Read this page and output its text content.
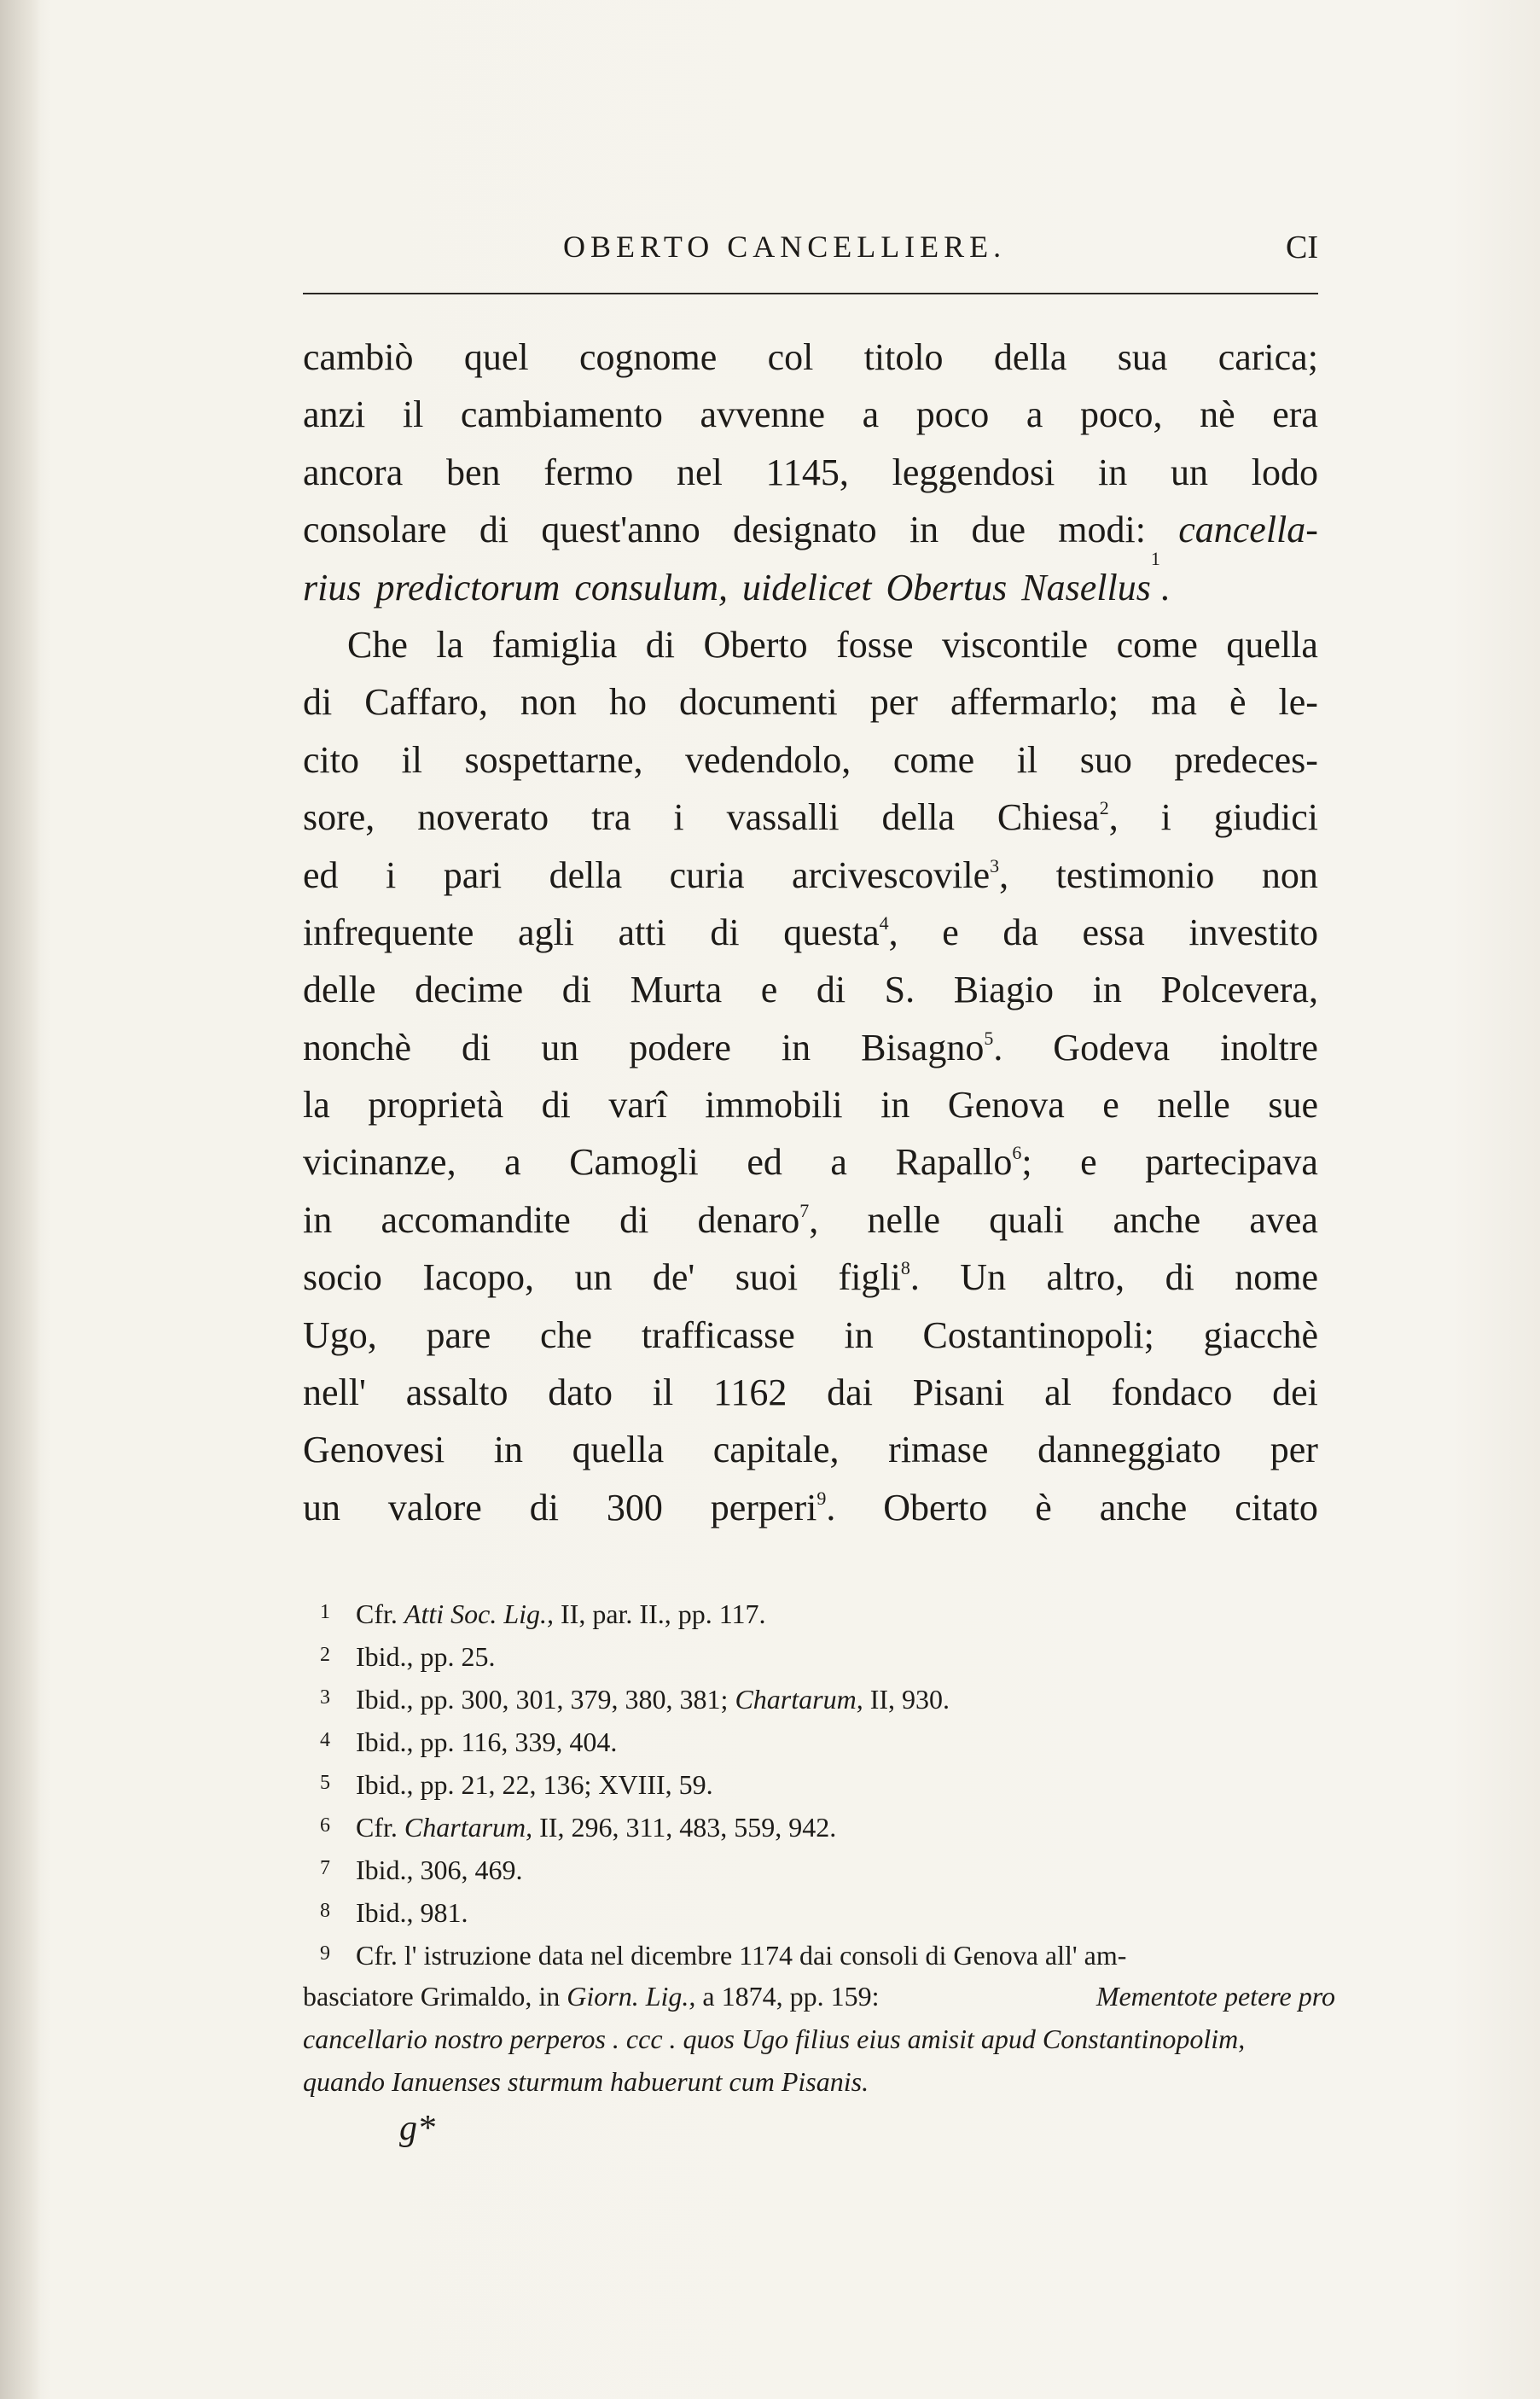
OBERTO CANCELLIERE.	CI
cambiò quel cognome col titolo della sua carica;
anzi il cambiamento avvenne a poco a poco, nè era
ancora ben fermo nel 1145, leggendosi in un lodo
consolare di quest'anno designato in due modi: cancella-
rius predictorum consulum, uidelicet Obertus Nasellus
1
.
Che la famiglia di Oberto fosse viscontile come quella
di Caffaro, non ho documenti per affermarlo; ma è le-
cito il sospettarne, vedendolo, come il suo predeces-
sore, noverato tra i vassalli della Chiesa$^2$, i giudici
ed i pari della curia arcivescovile$^3$, testimonio non
infrequente agli atti di questa$^4$, e da essa investito
delle decime di Murta e di S. Biagio in Polcevera,
nonchè di un podere in Bisagno$^5$. Godeva inoltre
la proprietà di varî immobili in Genova e nelle sue
vicinanze, a Camogli ed a Rapallo$^6$; e partecipava
in accomandite di denaro$^7$, nelle quali anche avea
socio Iacopo, un de' suoi figli$^8$. Un altro, di nome
Ugo, pare che trafficasse in Costantinopoli; giacchè
nell' assalto dato il 1162 dai Pisani al fondaco dei
Genovesi in quella capitale, rimase danneggiato per
un valore di 300 perperi$^9$. Oberto è anche citato
1 Cfr. Atti Soc. Lig., II, par. II., pp. 117.
2 Ibid., pp. 25.
3 Ibid., pp. 300, 301, 379, 380, 381; Chartarum, II, 930.
4 Ibid., pp. 116, 339, 404.
5 Ibid., pp. 21, 22, 136; XVIII, 59.
6 Cfr. Chartarum, II, 296, 311, 483, 559, 942.
7 Ibid., 306, 469.
8 Ibid., 981.
9 Cfr. l' istruzione data nel dicembre 1174 dai consoli di Genova all' am-
basciatore Grimaldo, in Giorn. Lig., a 1874, pp. 159:	Mementote petere pro
cancellario nostro perperos . ccc . quos Ugo filius eius amisit apud Constantinopolim,
quando Ianuenses sturmum habuerunt cum Pisanis.
g*
